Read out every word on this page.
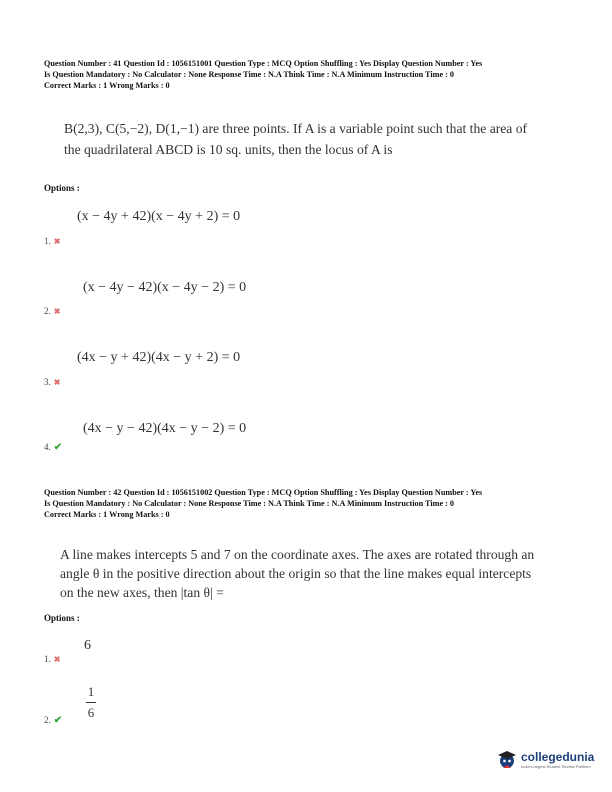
Question Number : 41 Question Id : 1056151001 Question Type : MCQ Option Shuffling : Yes Display Question Number : Yes
Is Question Mandatory : No Calculator : None Response Time : N.A Think Time : N.A Minimum Instruction Time : 0
Correct Marks : 1 Wrong Marks : 0
B(2,3), C(5,−2), D(1,−1) are three points. If A is a variable point such that the area of
the quadrilateral ABCD is 10 sq. units, then the locus of A is
Options :
(x − 4y + 42)(x − 4y + 2) = 0
1. ✖
(x − 4y − 42)(x − 4y − 2) = 0
2. ✖
(4x − y + 42)(4x − y + 2) = 0
3. ✖
(4x − y − 42)(4x − y − 2) = 0
4. ✔
Question Number : 42 Question Id : 1056151002 Question Type : MCQ Option Shuffling : Yes Display Question Number : Yes
Is Question Mandatory : No Calculator : None Response Time : N.A Think Time : N.A Minimum Instruction Time : 0
Correct Marks : 1 Wrong Marks : 0
A line makes intercepts 5 and 7 on the coordinate axes. The axes are rotated through an
angle θ in the positive direction about the origin so that the line makes equal intercepts
on the new axes, then |tan θ| =
Options :
6
1. ✖
$\frac{1}{6}$
2. ✔
collegedunia
India's largest Student Review Platform
